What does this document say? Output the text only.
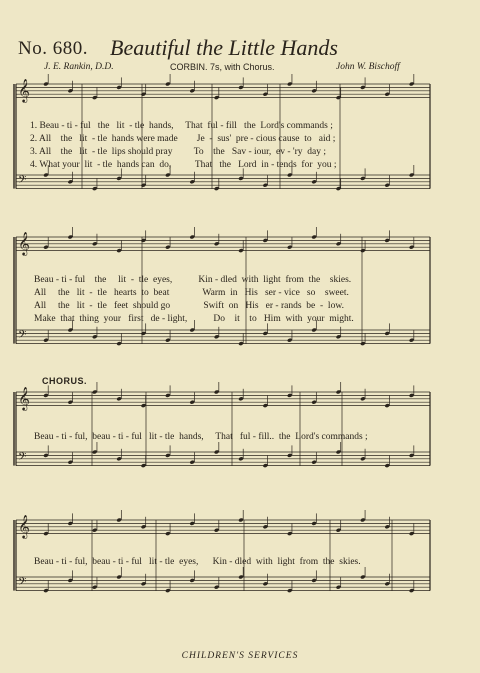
No. 680. Beautiful the Little Hands
J. E. Rankin, D.D.	CORBIN. 7s, with Chorus.	John W. Bischoff
𝄞
𝄢
𝄞
𝄢
𝄞
𝄢
𝄞
𝄢
1. Beau - ti - ful   the   lit  - tle  hands,     That  ful - fill   the  Lord's commands ;
2. All    the   lit  - tle  hands were made        Je  -  sus'  pre - cious cause  to   aid ;
3. All    the   lit  - tle  lips should pray         To    the   Sav - iour,  ev - 'ry  day ;
4. What your  lit  - tle  hands can  do,          That   the   Lord  in - tends  for  you ;
Beau - ti - ful    the     lit  -  tle  eyes,           Kin - dled  with  light  from  the    skies.
All     the   lit  -  tle   hearts  to  beat              Warm  in   His   ser - vice   so    sweet.
All     the   lit  -  tle   feet  should go              Swift  on   His   er - rands  be  -  low.
Make  that  thing  your   first   de - light,           Do    it    to   Him  with  your  might.
CHORUS.
Beau - ti - ful,  beau - ti - ful   lit - tle  hands,     That   ful - fill..  the  Lord's commands ;
Beau - ti - ful,  beau - ti - ful   lit - tle  eyes,      Kin - dled  with  light  from  the  skies.
CHILDREN'S SERVICES
